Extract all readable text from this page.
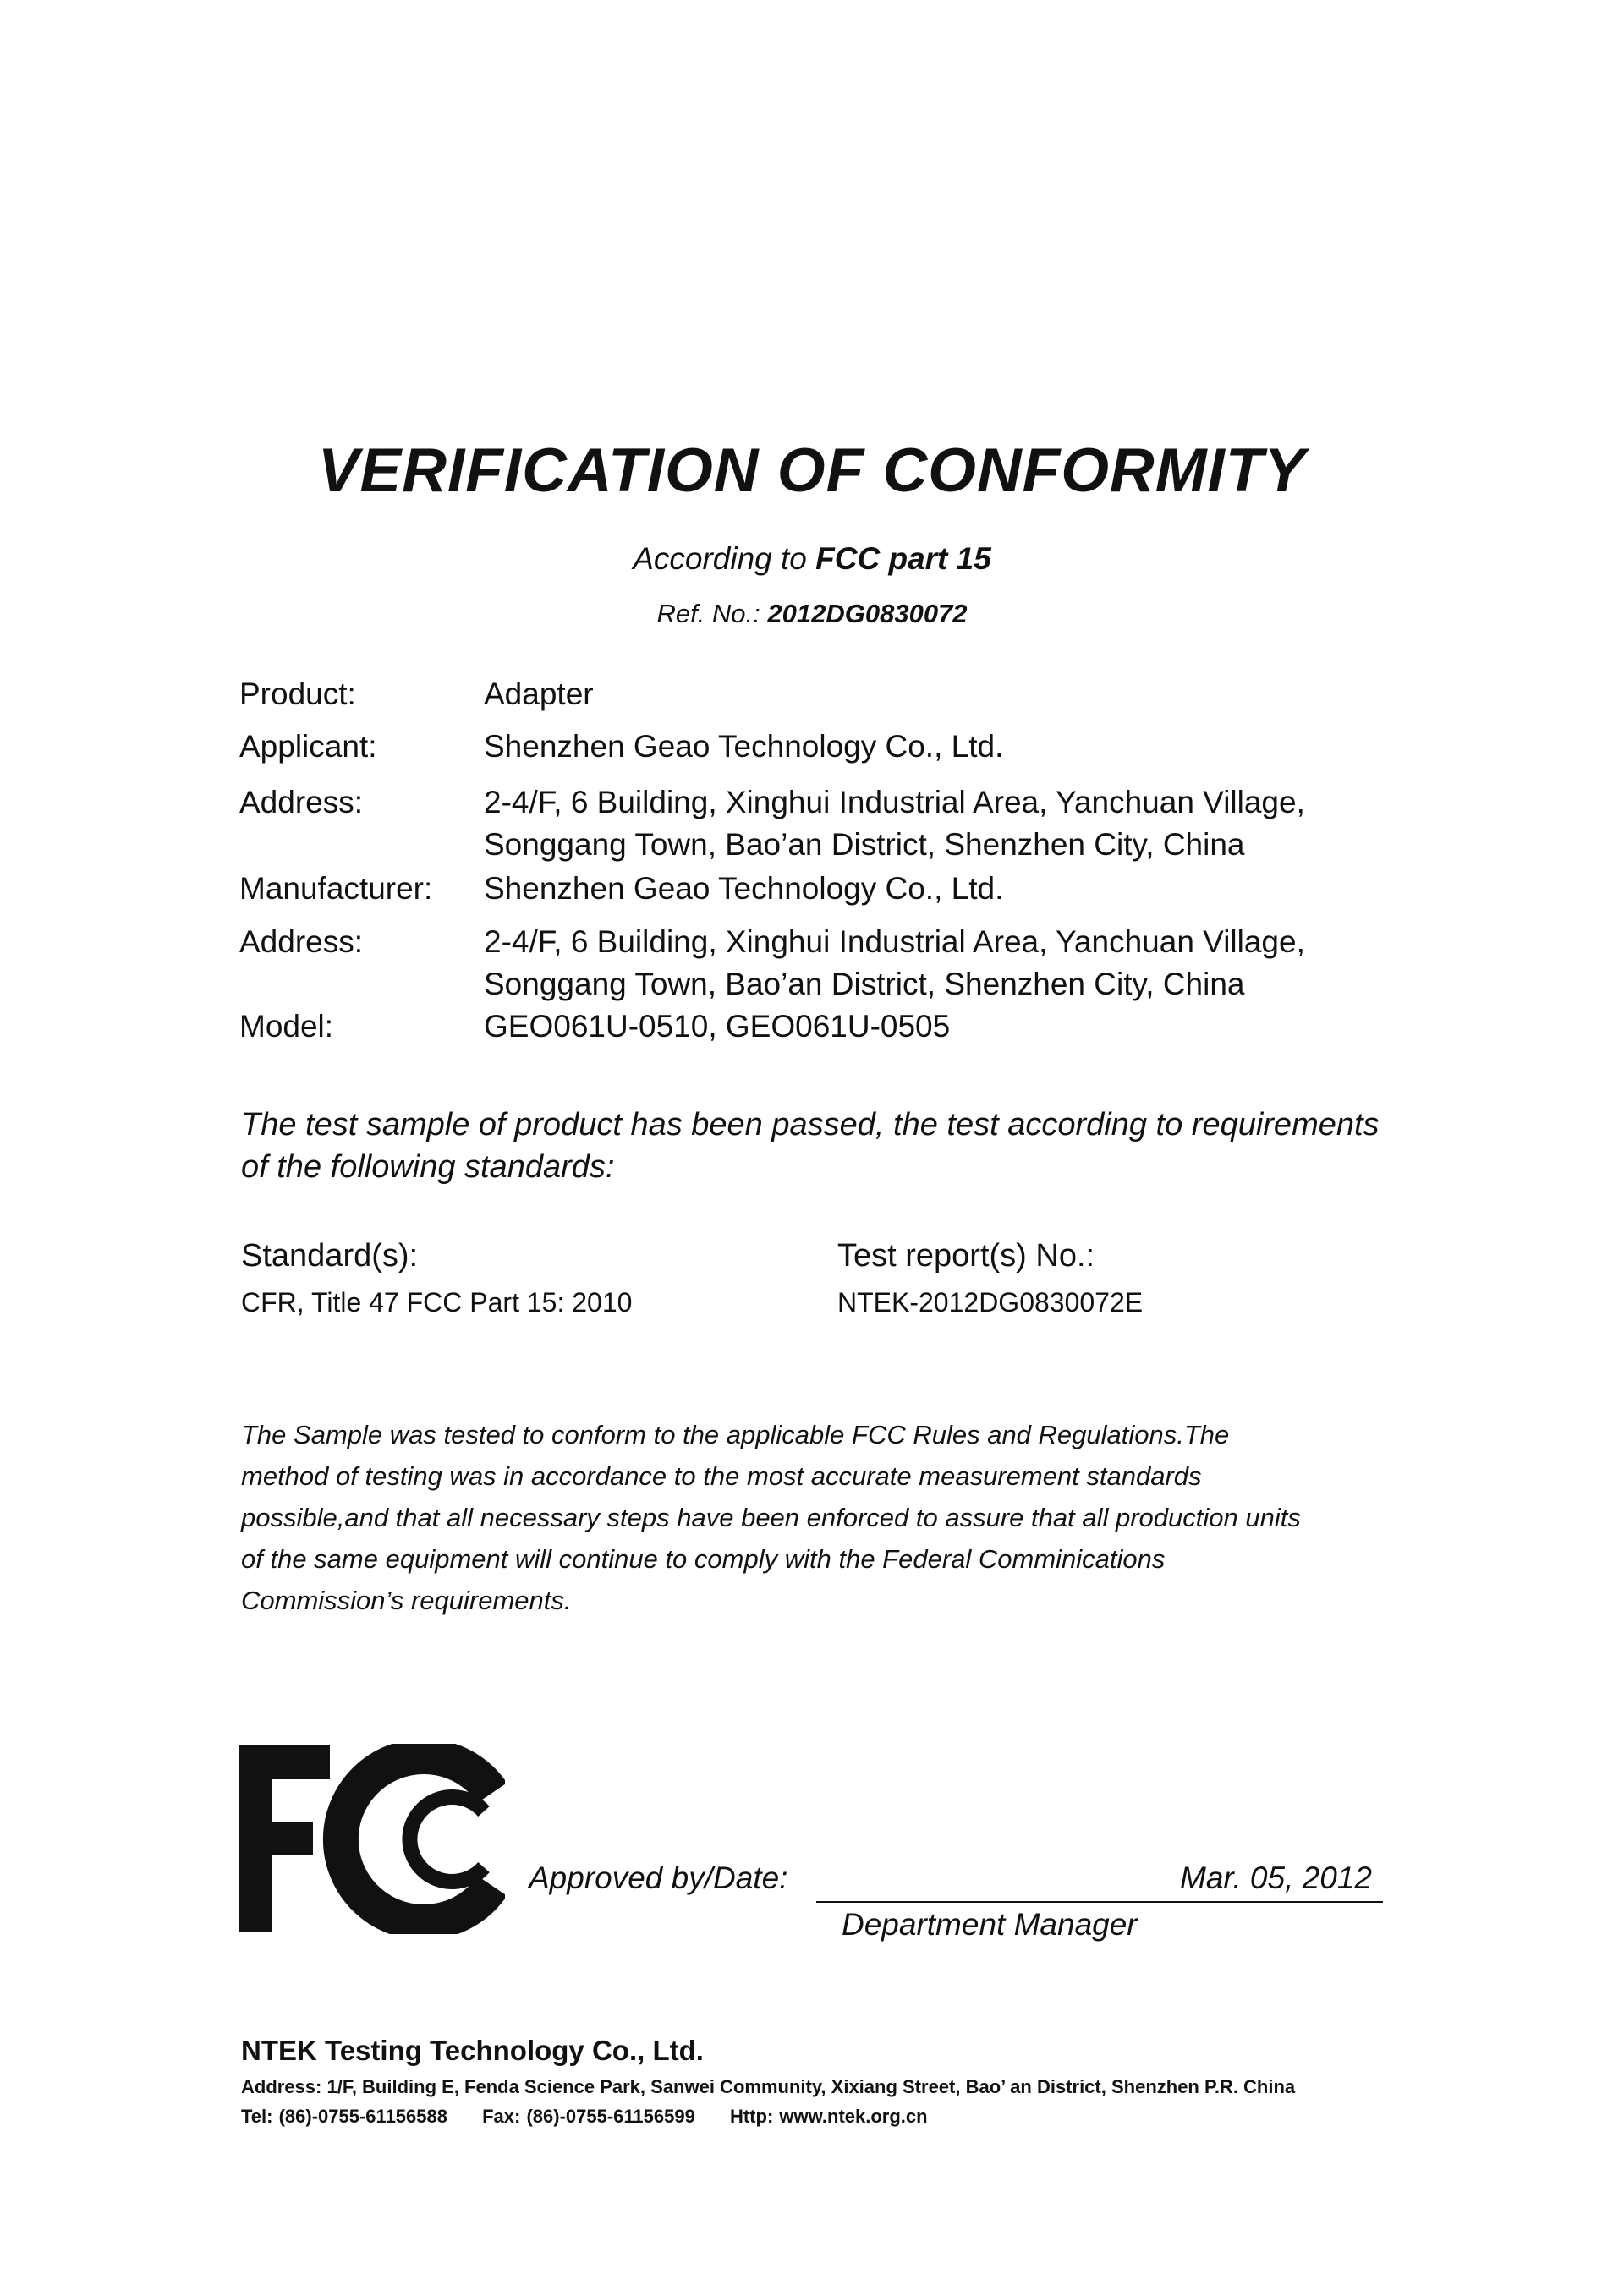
VERIFICATION OF CONFORMITY
According to FCC part 15
Ref. No.: 2012DG0830072
Product:	Adapter
Applicant:	Shenzhen Geao Technology Co., Ltd.
Address:	2-4/F, 6 Building, Xinghui Industrial Area, Yanchuan Village,
Songgang Town, Bao’an District, Shenzhen City, China
Manufacturer: Shenzhen Geao Technology Co., Ltd.
Address:	2-4/F, 6 Building, Xinghui Industrial Area, Yanchuan Village,
Songgang Town, Bao’an District, Shenzhen City, China
Model:	GEO061U-0510, GEO061U-0505
The test sample of product has been passed, the test according to requirements
of the following standards:
Standard(s):	Test report(s) No.:
CFR, Title 47 FCC Part 15: 2010	NTEK-2012DG0830072E
The Sample was tested to conform to the applicable FCC Rules and Regulations.The
method of testing was in accordance to the most accurate measurement standards
possible,and that all necessary steps have been enforced to assure that all production units
of the same equipment will continue to comply with the Federal Comminications
Commission’s requirements.
Approved by/Date:	Mar. 05, 2012
Department Manager
NTEK Testing Technology Co., Ltd.
Address: 1/F, Building E, Fenda Science Park, Sanwei Community, Xixiang Street, Bao’ an District, Shenzhen P.R. China
Tel: (86)-0755-61156588 Fax: (86)-0755-61156599 Http: www.ntek.org.cn
